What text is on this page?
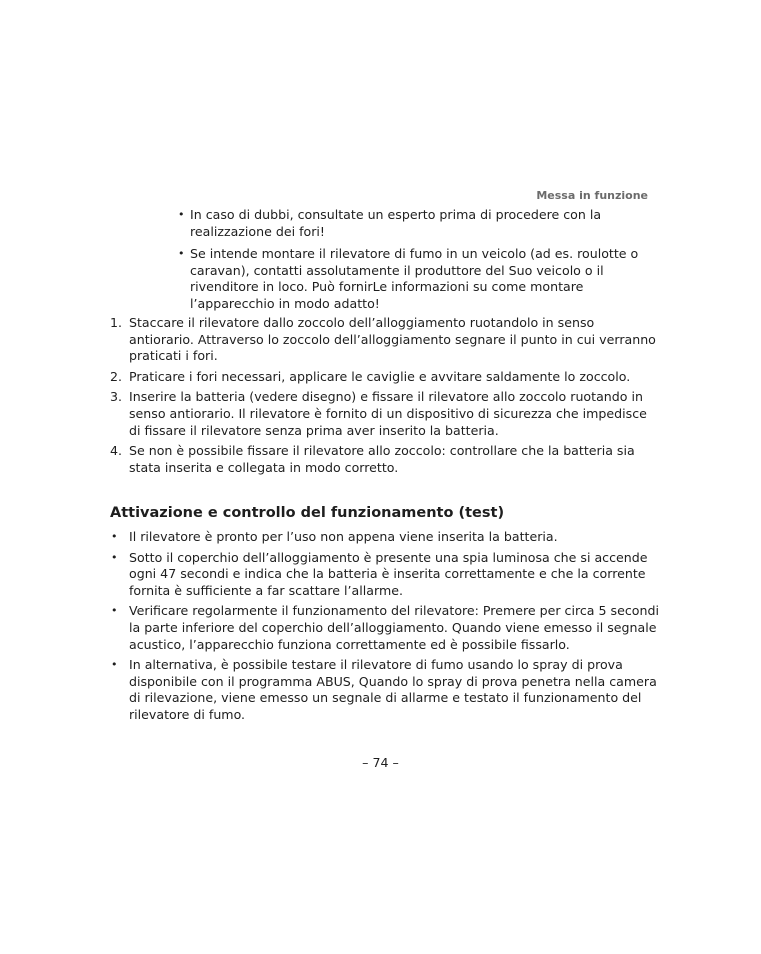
Messa in funzione

• In caso di dubbi, consultate un esperto prima di procedere con la realizzazione dei fori!
• Se intende montare il rilevatore di fumo in un veicolo (ad es. roulotte o caravan), contatti assolutamente il produttore del Suo veicolo o il rivenditore in loco. Può fornirLe informazioni su come montare l’apparecchio in modo adatto!
1. Staccare il rilevatore dallo zoccolo dell’alloggiamento ruotandolo in senso antiorario. Attraverso lo zoccolo dell’alloggiamento segnare il punto in cui verranno praticati i fori.
2. Praticare i fori necessari, applicare le caviglie e avvitare saldamente lo zoccolo.
3. Inserire la batteria (vedere disegno) e fissare il rilevatore allo zoccolo ruotando in senso antiorario. Il rilevatore è fornito di un dispositivo di sicurezza che impedisce di fissare il rilevatore senza prima aver inserito la batteria.
4. Se non è possibile fissare il rilevatore allo zoccolo: controllare che la batteria sia stata inserita e collegata in modo corretto.
Attivazione e controllo del funzionamento (test)
• Il rilevatore è pronto per l’uso non appena viene inserita la batteria.
• Sotto il coperchio dell’alloggiamento è presente una spia luminosa che si accende ogni 47 secondi e indica che la batteria è inserita correttamente e che la corrente fornita è sufficiente a far scattare l’allarme.
• Verificare regolarmente il funzionamento del rilevatore: Premere per circa 5 secondi la parte inferiore del coperchio dell’alloggiamento. Quando viene emesso il segnale acustico, l’apparecchio funziona correttamente ed è possibile fissarlo.
• In alternativa, è possibile testare il rilevatore di fumo usando lo spray di prova disponibile con il programma ABUS, Quando lo spray di prova penetra nella camera di rilevazione, viene emesso un segnale di allarme e testato il funzionamento del rilevatore di fumo.

– 74 –
